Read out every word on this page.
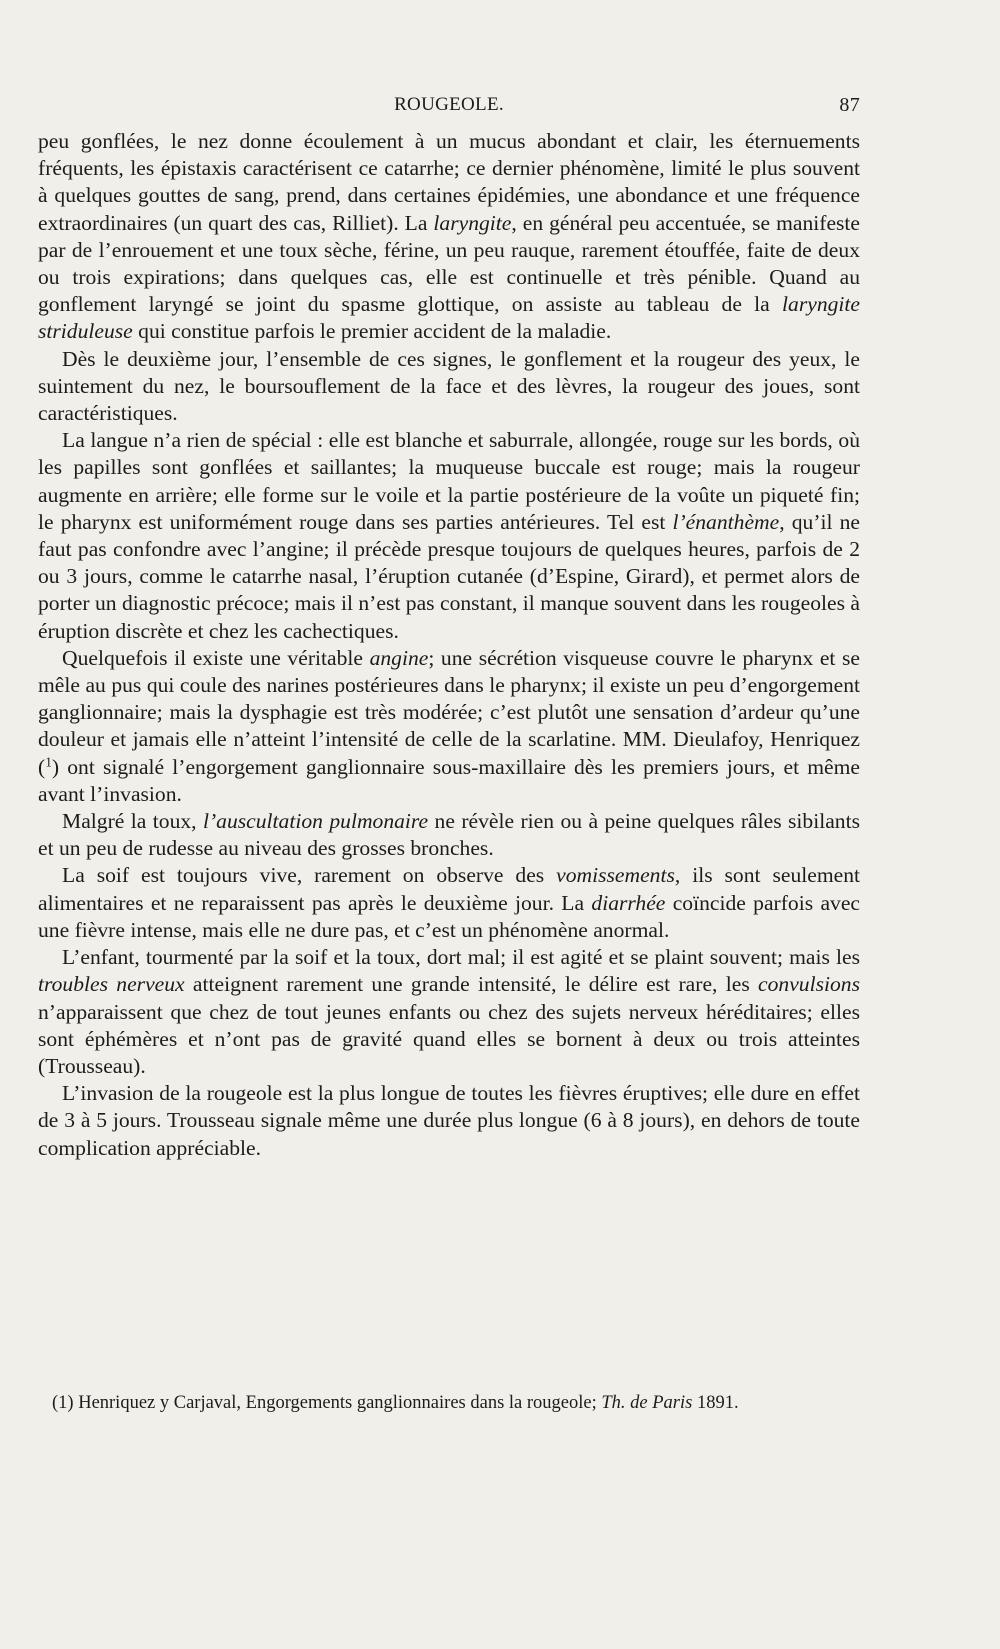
ROUGEOLE.	87

peu gonflées, le nez donne écoulement à un mucus abondant et clair, les éternuements fréquents, les épistaxis caractérisent ce catarrhe; ce dernier phénomène, limité le plus souvent à quelques gouttes de sang, prend, dans certaines épidémies, une abondance et une fréquence extraordinaires (un quart des cas, Rilliet). La laryngite, en général peu accentuée, se manifeste par de l’enrouement et une toux sèche, férine, un peu rauque, rarement étouffée, faite de deux ou trois expirations; dans quelques cas, elle est continuelle et très pénible. Quand au gonflement laryngé se joint du spasme glottique, on assiste au tableau de la laryngite striduleuse qui constitue parfois le premier accident de la maladie.

Dès le deuxième jour, l’ensemble de ces signes, le gonflement et la rougeur des yeux, le suintement du nez, le boursouflement de la face et des lèvres, la rougeur des joues, sont caractéristiques.

La langue n’a rien de spécial : elle est blanche et saburrale, allongée, rouge sur les bords, où les papilles sont gonflées et saillantes; la muqueuse buccale est rouge; mais la rougeur augmente en arrière; elle forme sur le voile et la partie postérieure de la voûte un piqueté fin; le pharynx est uniformément rouge dans ses parties antérieures. Tel est l’énanthème, qu’il ne faut pas confondre avec l’angine; il précède presque toujours de quelques heures, parfois de 2 ou 3 jours, comme le catarrhe nasal, l’éruption cutanée (d’Espine, Girard), et permet alors de porter un diagnostic précoce; mais il n’est pas constant, il manque souvent dans les rougeoles à éruption discrète et chez les cachectiques.

Quelquefois il existe une véritable angine; une sécrétion visqueuse couvre le pharynx et se mêle au pus qui coule des narines postérieures dans le pharynx; il existe un peu d’engorgement ganglionnaire; mais la dysphagie est très modérée; c’est plutôt une sensation d’ardeur qu’une douleur et jamais elle n’atteint l’intensité de celle de la scarlatine. MM. Dieulafoy, Henriquez ($^1$) ont signalé l’engorgement ganglionnaire sous-maxillaire dès les premiers jours, et même avant l’invasion.

Malgré la toux, l’auscultation pulmonaire ne révèle rien ou à peine quelques râles sibilants et un peu de rudesse au niveau des grosses bronches.

La soif est toujours vive, rarement on observe des vomissements, ils sont seulement alimentaires et ne reparaissent pas après le deuxième jour. La diarrhée coïncide parfois avec une fièvre intense, mais elle ne dure pas, et c’est un phénomène anormal.

L’enfant, tourmenté par la soif et la toux, dort mal; il est agité et se plaint souvent; mais les troubles nerveux atteignent rarement une grande intensité, le délire est rare, les convulsions n’apparaissent que chez de tout jeunes enfants ou chez des sujets nerveux héréditaires; elles sont éphémères et n’ont pas de gravité quand elles se bornent à deux ou trois atteintes (Trousseau).

L’invasion de la rougeole est la plus longue de toutes les fièvres éruptives; elle dure en effet de 3 à 5 jours. Trousseau signale même une durée plus longue (6 à 8 jours), en dehors de toute complication appréciable.

(1) Henriquez y Carjaval, Engorgements ganglionnaires dans la rougeole; Th. de Paris 1891.
